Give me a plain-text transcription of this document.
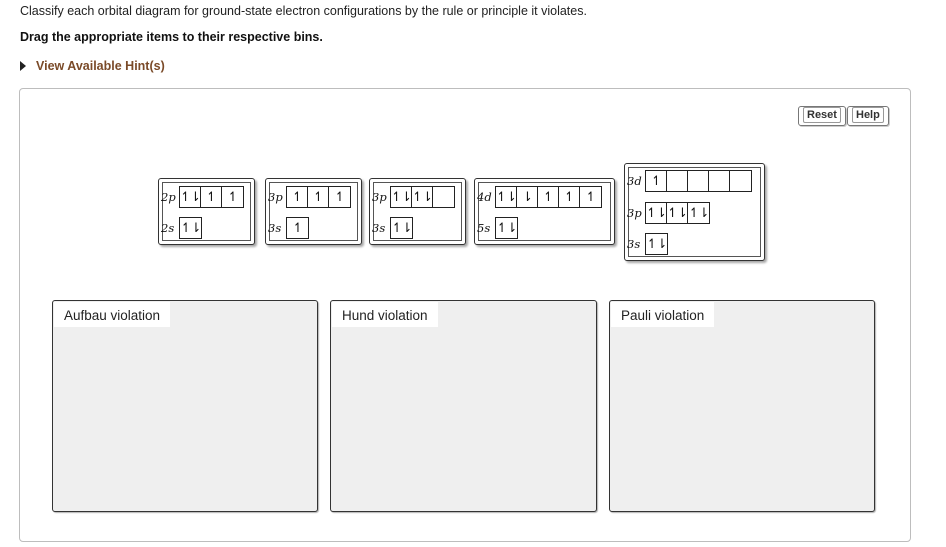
Classify each orbital diagram for ground-state electron configurations by the rule or principle it violates.
Drag the appropriate items to their respective bins.
View Available Hint(s)
Reset	Help
2p ↿⇂ ↿ ↿
2s ↿⇂
3p ↿ ↿ ↿
3s ↿
3p ↿⇂ ↿⇂
3s ↿⇂
4d ↿⇂ ⇂ ↿ ↿ ↿
5s ↿⇂
3d ↿
3p ↿⇂ ↿⇂ ↿⇂
3s ↿⇂
Aufbau violation	Hund violation	Pauli violation
